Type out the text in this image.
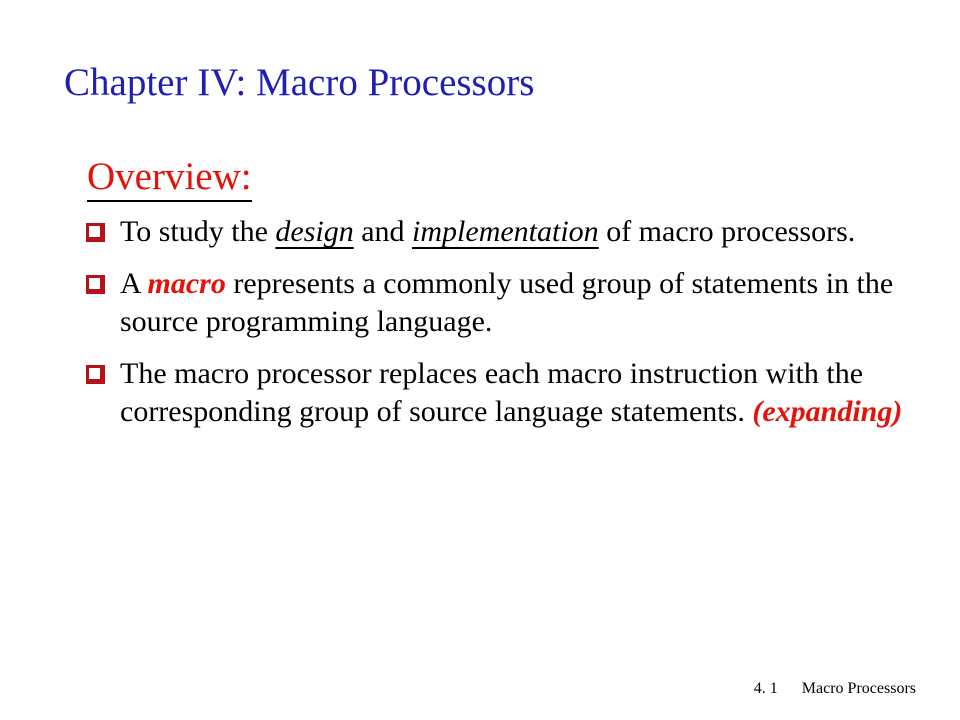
Chapter IV: Macro Processors
Overview:
To study the design and implementation of macro processors.
A macro represents a commonly used group of statements in the source programming language.
The macro processor replaces each macro instruction with the corresponding group of source language statements. (expanding)
4. 1 Macro Processors
